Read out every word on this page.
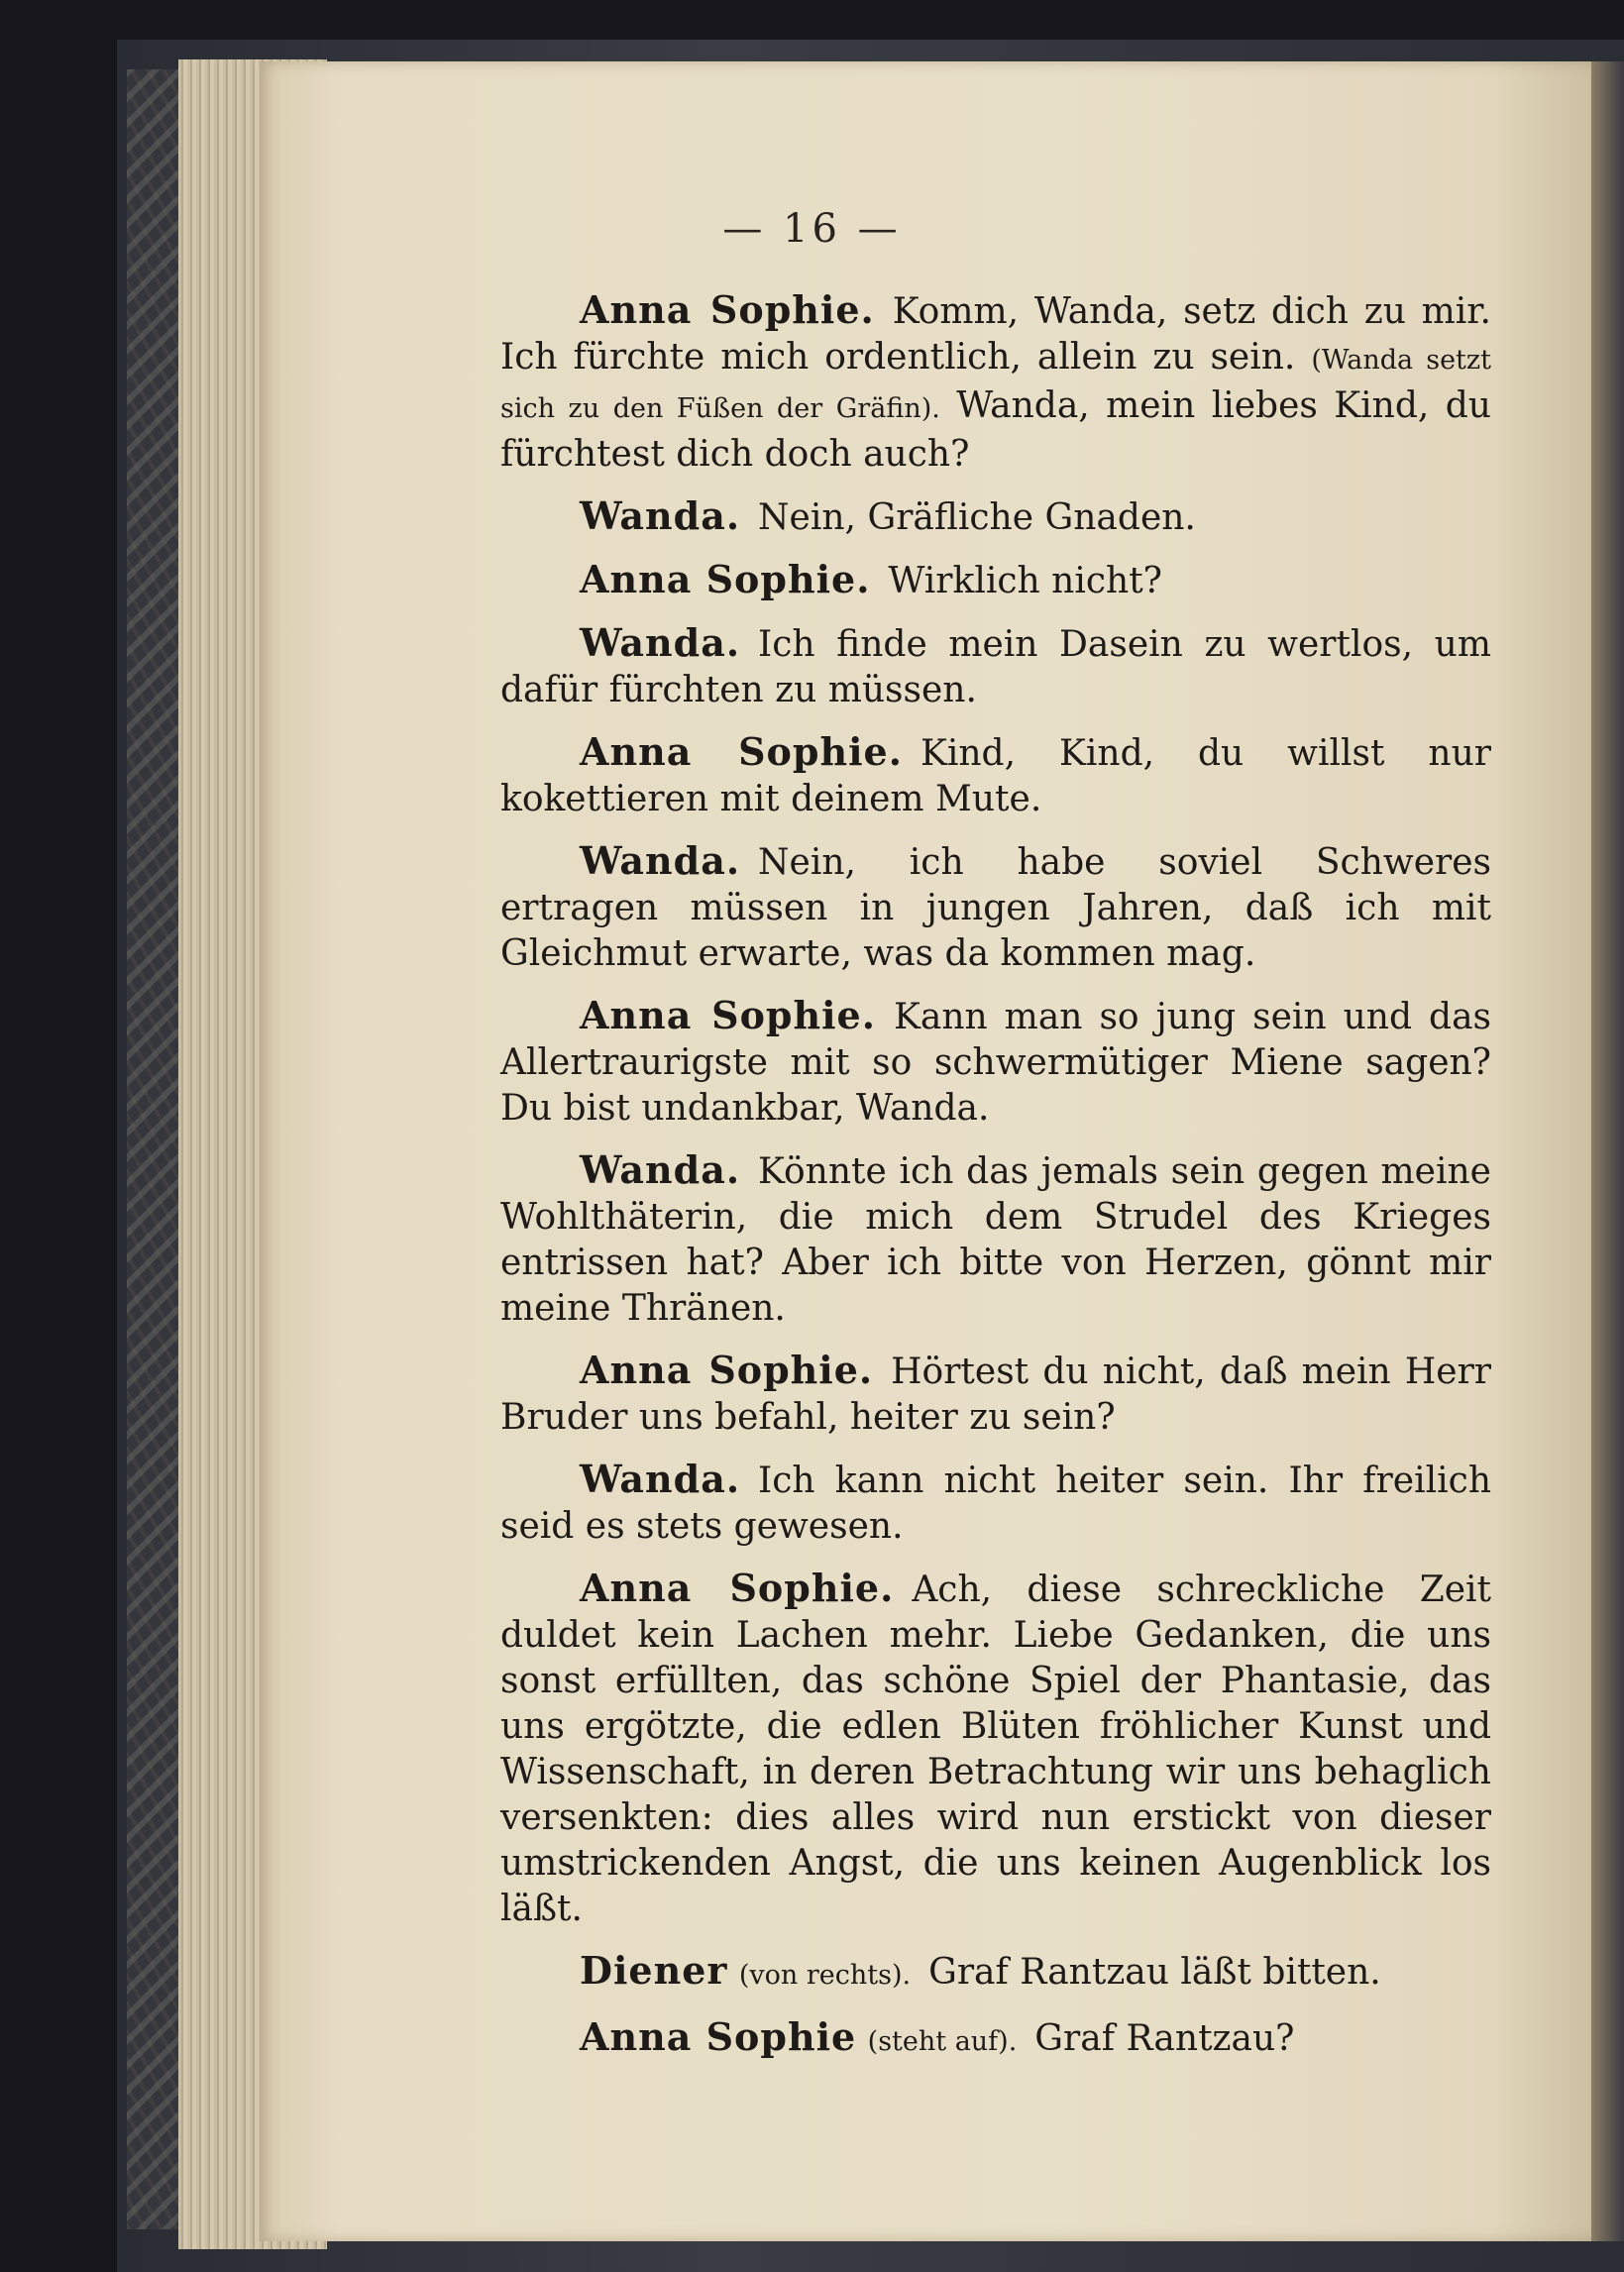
— 16 —

Anna Sophie. Komm, Wanda, setz dich zu mir. Ich fürchte mich ordentlich, allein zu sein. (Wanda setzt sich zu den Füßen der Gräfin). Wanda, mein liebes Kind, du fürchtest dich doch auch?

Wanda. Nein, Gräfliche Gnaden.

Anna Sophie. Wirklich nicht?

Wanda. Ich finde mein Dasein zu wertlos, um dafür fürchten zu müssen.

Anna Sophie. Kind, Kind, du willst nur kokettieren mit deinem Mute.

Wanda. Nein, ich habe soviel Schweres ertragen müssen in jungen Jahren, daß ich mit Gleichmut erwarte, was da kommen mag.

Anna Sophie. Kann man so jung sein und das Allertraurigste mit so schwermütiger Miene sagen? Du bist undankbar, Wanda.

Wanda. Könnte ich das jemals sein gegen meine Wohlthäterin, die mich dem Strudel des Krieges entrissen hat? Aber ich bitte von Herzen, gönnt mir meine Thränen.

Anna Sophie. Hörtest du nicht, daß mein Herr Bruder uns befahl, heiter zu sein?

Wanda. Ich kann nicht heiter sein. Ihr freilich seid es stets gewesen.

Anna Sophie. Ach, diese schreckliche Zeit duldet kein Lachen mehr. Liebe Gedanken, die uns sonst erfüllten, das schöne Spiel der Phantasie, das uns ergötzte, die edlen Blüten fröhlicher Kunst und Wissenschaft, in deren Betrachtung wir uns behaglich versenkten: dies alles wird nun erstickt von dieser umstrickenden Angst, die uns keinen Augenblick los läßt.

Diener (von rechts). Graf Rantzau läßt bitten.

Anna Sophie (steht auf). Graf Rantzau?
